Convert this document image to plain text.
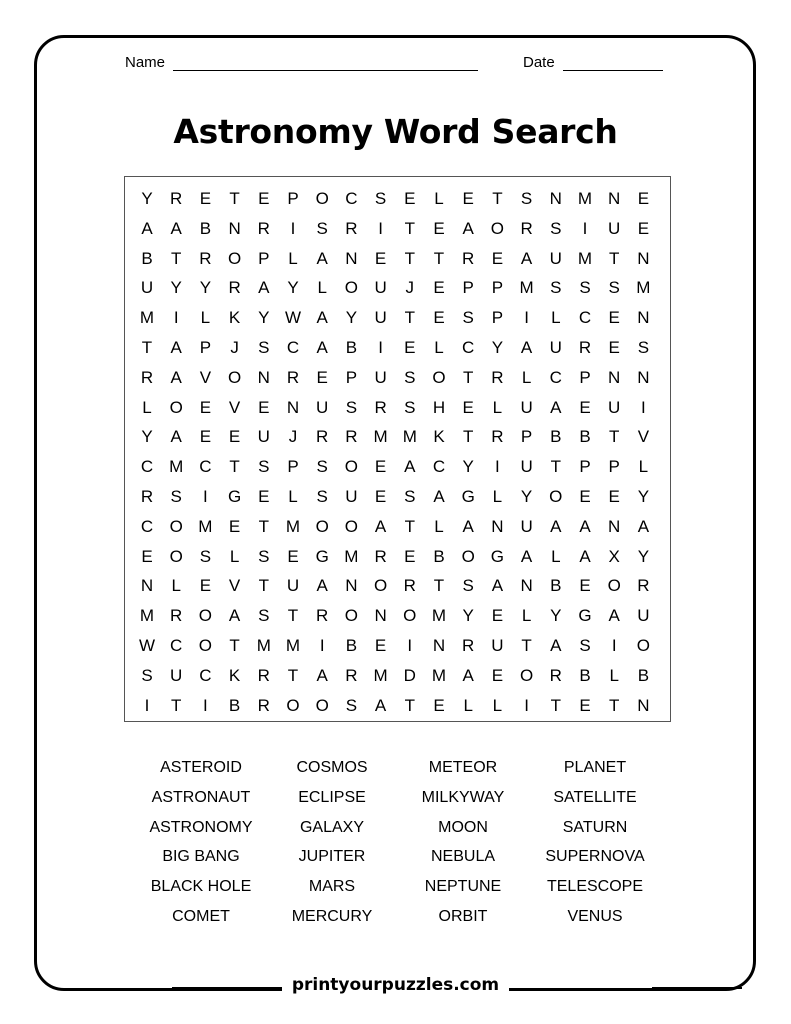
Name	Date
Astronomy Word Search
Y	R	E	T	E	P O C	S	E	L	E	T	S	N M N	E
A	A	B	N R	I	S	R	I	T	E	A O R	S	I	U	E
B	T	R O P	L	A	N	E	T	T	R	E	A	U M T	N
U	Y	Y	R	A	Y	L	O U	J	E	P	P M S	S	S M
M	I	L	K	Y W A	Y	U	T	E	S	P	I	L	C	E	N
T	A	P	J	S	C	A	B	I	E	L	C	Y	A	U R	E	S
R	A	V O N R	E	P	U	S O	T	R	L	C	P	N N
L	O E	V	E	N U	S	R	S	H	E	L	U	A	E	U	I
Y	A	E	E	U	J	R R M M K	T	R	P	B	B	T	V
C M C	T	S	P	S O E	A	C	Y	I	U	T	P	P	L
R	S	I	G E	L	S	U	E	S	A G	L	Y O E	E	Y
C O M E	T M O O A	T	L	A	N U	A	A	N	A
E O S	L	S	E G M R	E	B O G A	L	A	X	Y
N	L	E	V	T	U	A	N O R	T	S	A	N	B	E O R
M R O A	S	T	R O N O M Y	E	L	Y G A	U
W C O	T M M	I	B	E	I	N R U	T	A	S	I	O
S	U C	K	R	T	A	R M D M A	E O R	B	L	B
I	T	I	B	R O O S	A	T	E	L	L	I	T	E	T	N
ASTEROID	COSMOS	METEOR	PLANET
ASTRONAUT	ECLIPSE	MILKYWAY	SATELLITE
ASTRONOMY	GALAXY	MOON	SATURN
BIG BANG	JUPITER	NEBULA	SUPERNOVA
BLACK HOLE	MARS	NEPTUNE	TELESCOPE
COMET	MERCURY	ORBIT	VENUS
printyourpuzzles.com
